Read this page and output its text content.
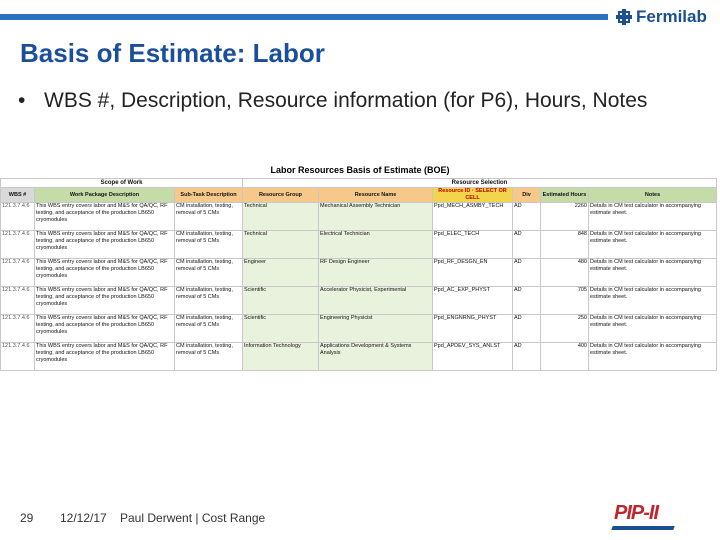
Fermilab
Basis of Estimate: Labor
• WBS #, Description, Resource information (for P6), Hours, Notes
Labor Resources Basis of Estimate (BOE)
Scope of Work			Resource Selection					
WBS #	Work Package Description	Sub-Task Description	Resource Group	Resource Name	Resource ID · SELECT OR CELL	Div	Estimated Hours	Notes
121.3.7.4.6	This WBS entry covers labor and M&S for QA/QC, RF testing, and acceptance of the production LB650 cryomodules	CM installation, testing, removal of 5 CMs	Technical	Mechanical Assembly Technician	Ppd_MECH_ASMBY_TECH	AD	2260	Details in CM test calculator in accompanying estimate sheet.
121.3.7.4.6	This WBS entry covers labor and M&S for QA/QC, RF testing, and acceptance of the production LB650 cryomodules	CM installation, testing, removal of 5 CMs	Technical	Electrical Technician	Ppd_ELEC_TECH	AD	848	Details in CM test calculator in accompanying estimate sheet.
121.3.7.4.6	This WBS entry covers labor and M&S for QA/QC, RF testing, and acceptance of the production LB650 cryomodules	CM installation, testing, removal of 5 CMs	Engineer	RF Design Engineer	Ppd_RF_DESGN_EN	AD	480	Details in CM test calculator in accompanying estimate sheet.
121.3.7.4.6	This WBS entry covers labor and M&S for QA/QC, RF testing, and acceptance of the production LB650 cryomodules	CM installation, testing, removal of 5 CMs	Scientific	Accelerator Physicist, Experimental	Ppd_AC_EXP_PHYST	AD	705	Details in CM test calculator in accompanying estimate sheet.
121.3.7.4.6	This WBS entry covers labor and M&S for QA/QC, RF testing, and acceptance of the production LB650 cryomodules	CM installation, testing, removal of 5 CMs	Scientific	Engineering Physicist	Ppd_ENGNRNG_PHYST	AD	250	Details in CM test calculator in accompanying estimate sheet.
121.3.7.4.6	This WBS entry covers labor and M&S for QA/QC, RF testing, and acceptance of the production LB650 cryomodules	CM installation, testing, removal of 5 CMs	Information Technology	Applications Development & Systems Analysis	Ppd_APDEV_SYS_ANLST	AD	400	Details in CM test calculator in accompanying estimate sheet.
29 12/12/17 Paul Derwent | Cost Range	PIP-II
